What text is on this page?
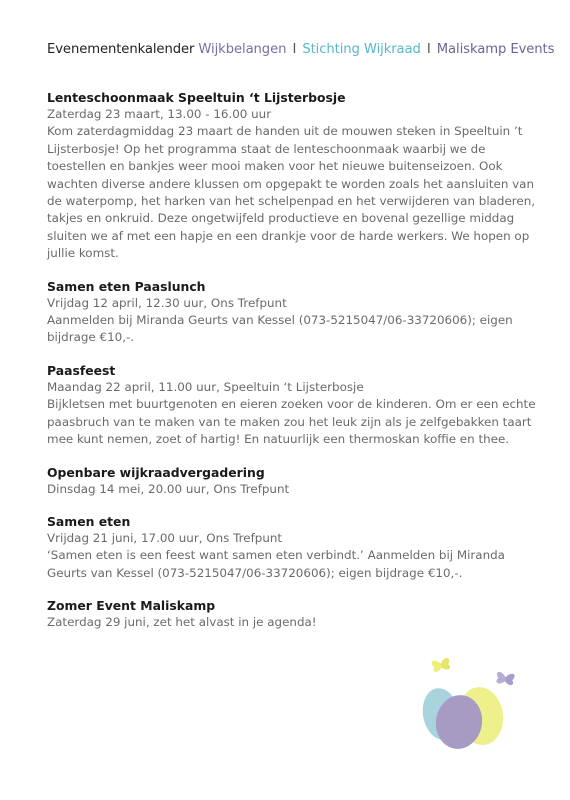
Evenementenkalender Wijkbelangen I Stichting Wijkraad I Maliskamp Events
Lenteschoonmaak Speeltuin ‘t Lijsterbosje

Zaterdag 23 maart, 13.00 - 16.00 uur

Kom zaterdagmiddag 23 maart de handen uit de mouwen steken in Speeltuin ’t Lijsterbosje! Op het programma staat de lenteschoonmaak waarbij we de toestellen en bankjes weer mooi maken voor het nieuwe buitenseizoen. Ook wachten diverse andere klussen om opgepakt te worden zoals het aansluiten van de waterpomp, het harken van het schelpenpad en het verwijderen van bladeren, takjes en onkruid. Deze ongetwijfeld productieve en bovenal gezellige middag sluiten we af met een hapje en een drankje voor de harde werkers. We hopen op jullie komst.

Samen eten Paaslunch

Vrijdag 12 april, 12.30 uur, Ons Trefpunt

Aanmelden bij Miranda Geurts van Kessel (073-5215047/06-33720606); eigen bijdrage €10,-.

Paasfeest

Maandag 22 april, 11.00 uur, Speeltuin ‘t Lijsterbosje

Bijkletsen met buurtgenoten en eieren zoeken voor de kinderen. Om er een echte paasbruch van te maken van te maken zou het leuk zijn als je zelfgebakken taart mee kunt nemen, zoet of hartig! En natuurlijk een thermoskan koffie en thee.

Openbare wijkraadvergadering

Dinsdag 14 mei, 20.00 uur, Ons Trefpunt

Samen eten

Vrijdag 21 juni, 17.00 uur, Ons Trefpunt

‘Samen eten is een feest want samen eten verbindt.’ Aanmelden bij Miranda Geurts van Kessel (073-5215047/06-33720606); eigen bijdrage €10,-.

Zomer Event Maliskamp

Zaterdag 29 juni, zet het alvast in je agenda!
